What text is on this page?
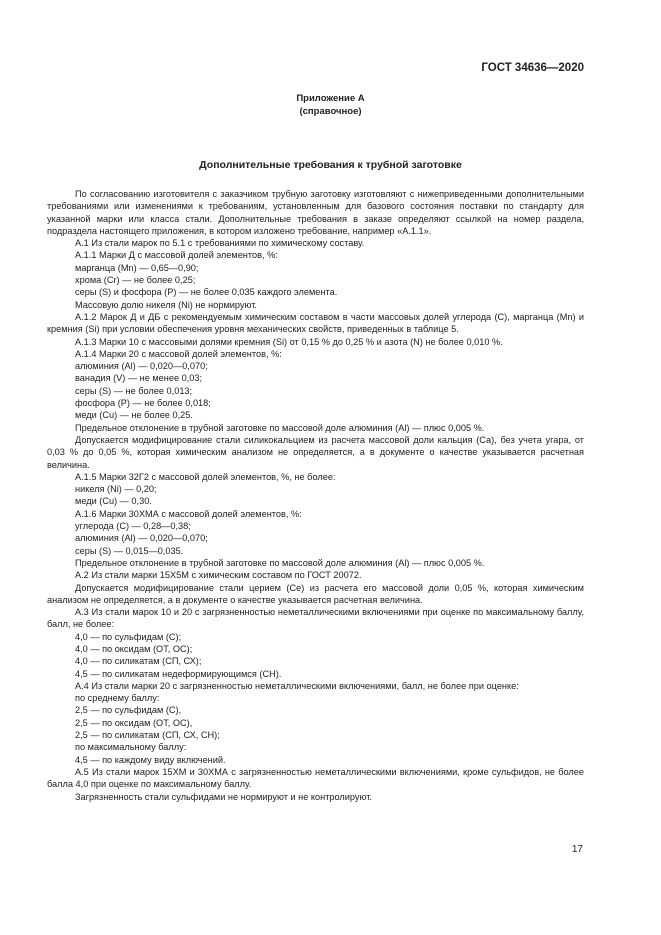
ГОСТ 34636—2020
Приложение А
(справочное)
Дополнительные требования к трубной заготовке

По согласованию изготовителя с заказчиком трубную заготовку изготовляют с нижеприведенными дополнительными требованиями или изменениями к требованиям, установленным для базового состояния поставки по стандарту для указанной марки или класса стали. Дополнительные требования в заказе определяют ссылкой на номер раздела, подраздела настоящего приложения, в котором изложено требование, например «А.1.1».

А.1 Из стали марок по 5.1 с требованиями по химическому составу.

А.1.1 Марки Д с массовой долей элементов, %:

марганца (Mn) — 0,65—0,90;

хрома (Cr) — не более 0,25;

серы (S) и фосфора (Р) — не более 0,035 каждого элемента.

Массовую долю никеля (Ni) не нормируют.

А.1.2 Марок Д и ДБ с рекомендуемым химическим составом в части массовых долей углерода (С), марганца (Mn) и кремния (Si) при условии обеспечения уровня механических свойств, приведенных в таблице 5.

А.1.3 Марки 10 с массовыми долями кремния (Si) от 0,15 % до 0,25 % и азота (N) не более 0,010 %.

А.1.4 Марки 20 с массовой долей элементов, %:

алюминия (Al) — 0,020—0,070;

ванадия (V) — не менее 0,03;

серы (S) — не более 0,013;

фосфора (Р) — не более 0,018;

меди (Cu) — не более 0,25.

Предельное отклонение в трубной заготовке по массовой доле алюминия (Al) — плюс 0,005 %.

Допускается модифицирование стали силикокальцием из расчета массовой доли кальция (Са), без учета угара, от 0,03 % до 0,05 %, которая химическим анализом не определяется, а в документе о качестве указывается расчетная величина.

А.1.5 Марки 32Г2 с массовой долей элементов, %, не более:

никеля (Ni) — 0,20;

меди (Cu) — 0,30.

А.1.6 Марки 30ХМА с массовой долей элементов, %:

углерода (С) — 0,28—0,38;

алюминия (Al) — 0,020—0,070;

серы (S) — 0,015—0,035.

Предельное отклонение в трубной заготовке по массовой доле алюминия (Al) — плюс 0,005 %.

А.2 Из стали марки 15Х5М с химическим составом по ГОСТ 20072.

Допускается модифицирование стали церием (Се) из расчета его массовой доли 0,05 %, которая химическим анализом не определяется, а в документе о качестве указывается расчетная величина.

А.3 Из стали марок 10 и 20 с загрязненностью неметаллическими включениями при оценке по максимальному баллу, балл, не более:

4,0 — по сульфидам (С);

4,0 — по оксидам (ОТ, ОС);

4,0 — по силикатам (СП, СХ);

4,5 — по силикатам недеформирующимся (СН).

А.4 Из стали марки 20 с загрязненностью неметаллическими включениями, балл, не более при оценке:

по среднему баллу:

2,5 — по сульфидам (С),

2,5 — по оксидам (ОТ, ОС),

2,5 — по силикатам (СП, СХ, СН);

по максимальному баллу:

4,5 — по каждому виду включений.

А.5 Из стали марок 15ХМ и 30ХМА с загрязненностью неметаллическими включениями, кроме сульфидов, не более балла 4,0 при оценке по максимальному баллу.

Загрязненность стали сульфидами не нормируют и не контролируют.

17
